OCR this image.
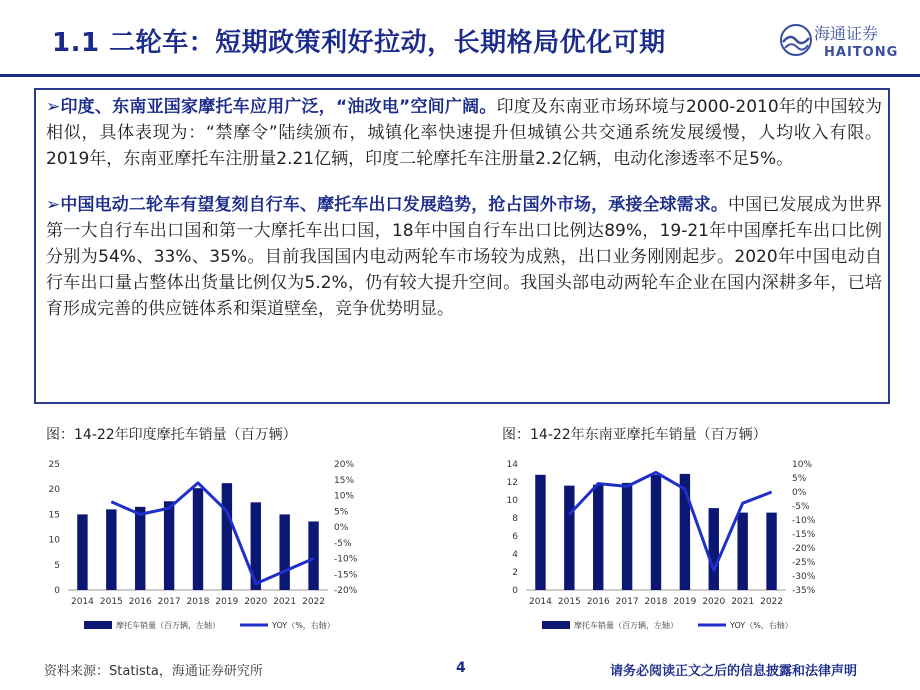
1.1 二轮车：短期政策利好拉动，长期格局优化可期	海通证券
HAITONG

➢印度、东南亚国家摩托车应用广泛，“油改电”空间广阔。印度及东南亚市场环境与2000-2010年的中国较为相似，具体表现为：“禁摩令”陆续颁布，城镇化率快速提升但城镇公共交通系统发展缓慢，人均收入有限。2019年，东南亚摩托车注册量2.21亿辆，印度二轮摩托车注册量2.2亿辆，电动化渗透率不足5%。

➢中国电动二轮车有望复刻自行车、摩托车出口发展趋势，抢占国外市场，承接全球需求。中国已发展成为世界第一大自行车出口国和第一大摩托车出口国，18年中国自行车出口比例达89%，19-21年中国摩托车出口比例分别为54%、33%、35%。目前我国国内电动两轮车市场较为成熟，出口业务刚刚起步。2020年中国电动自行车出口量占整体出货量比例仅为5.2%，仍有较大提升空间。我国头部电动两轮车企业在国内深耕多年，已培育形成完善的供应链体系和渠道壁垒，竞争优势明显。

图：14-22年印度摩托车销量（百万辆）	图：14-22年东南亚摩托车销量（百万辆）
0
5
10
15
20
25
-20%
-15%
-10%
-5%
0%
5%
10%
15%
20%
2014 2015 2016 2017 2018 2019 2020 2021 2022
摩托车销量（百万辆，左轴）	YOY（%，右轴）
0
2
4
6
8
10
12
14
-35%
-30%
-25%
-20%
-15%
-10%
-5%
0%
5%
10%
2014 2015 2016 2017 2018 2019 2020 2021 2022
摩托车销量（百万辆，左轴）	YOY（%，右轴）
资料来源：Statista，海通证券研究所	4	请务必阅读正文之后的信息披露和法律声明
